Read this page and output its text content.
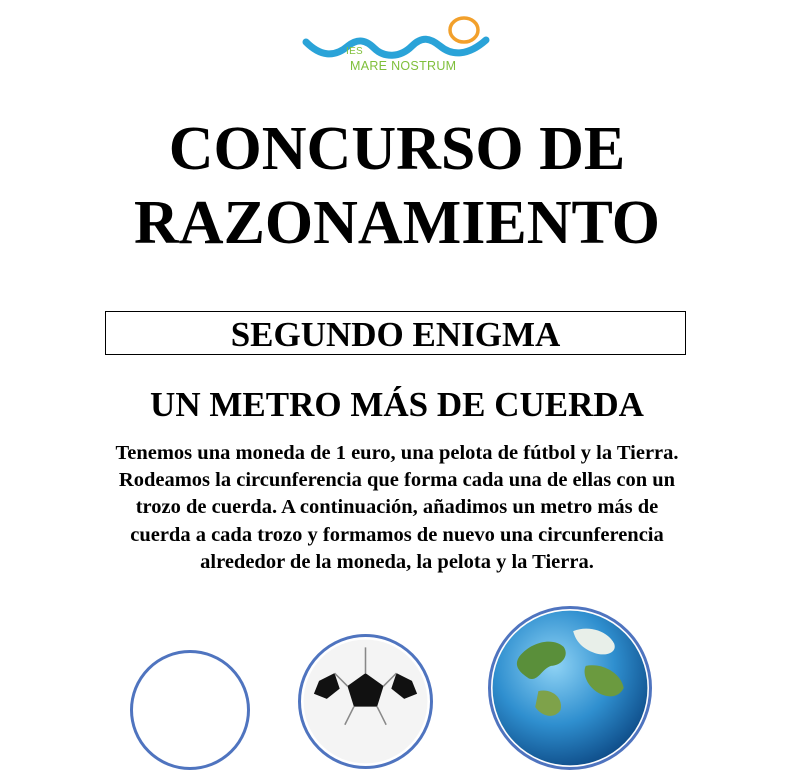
IES
MARE NOSTRUM
CONCURSO DE
RAZONAMIENTO
SEGUNDO ENIGMA
UN METRO MÁS DE CUERDA
Tenemos una moneda de 1 euro, una pelota de fútbol y la Tierra. Rodeamos la circunferencia que forma cada una de ellas con un trozo de cuerda. A continuación, añadimos un metro más de cuerda a cada trozo y formamos de nuevo una circunferencia alrededor de la moneda, la pelota y la Tierra.
